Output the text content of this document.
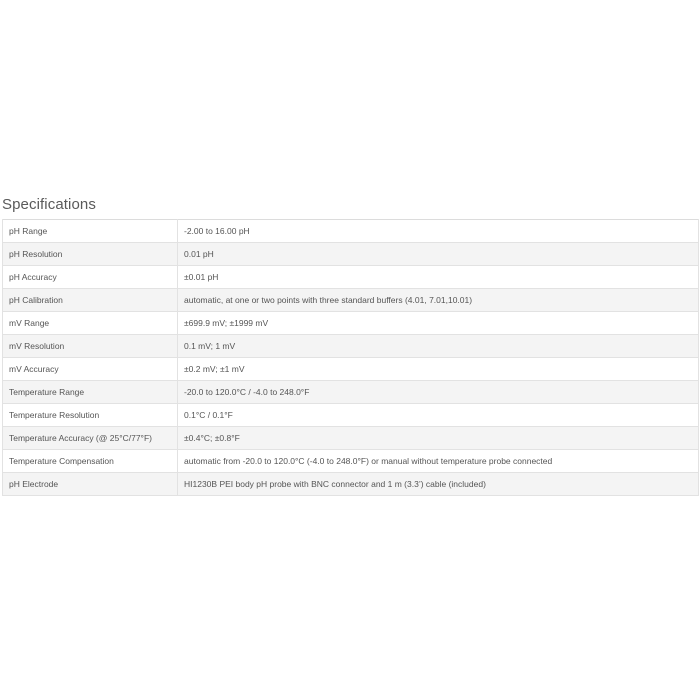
Specifications
pH Range	-2.00 to 16.00 pH
pH Resolution	0.01 pH
pH Accuracy	±0.01 pH
pH Calibration	automatic, at one or two points with three standard buffers (4.01, 7.01,10.01)
mV Range	±699.9 mV; ±1999 mV
mV Resolution	0.1 mV; 1 mV
mV Accuracy	±0.2 mV; ±1 mV
Temperature Range	-20.0 to 120.0°C / -4.0 to 248.0°F
Temperature Resolution	0.1°C / 0.1°F
Temperature Accuracy (@ 25°C/77°F)	±0.4°C; ±0.8°F
Temperature Compensation	automatic from -20.0 to 120.0°C (-4.0 to 248.0°F) or manual without temperature probe connected
pH Electrode	HI1230B PEI body pH probe with BNC connector and 1 m (3.3’) cable (included)
